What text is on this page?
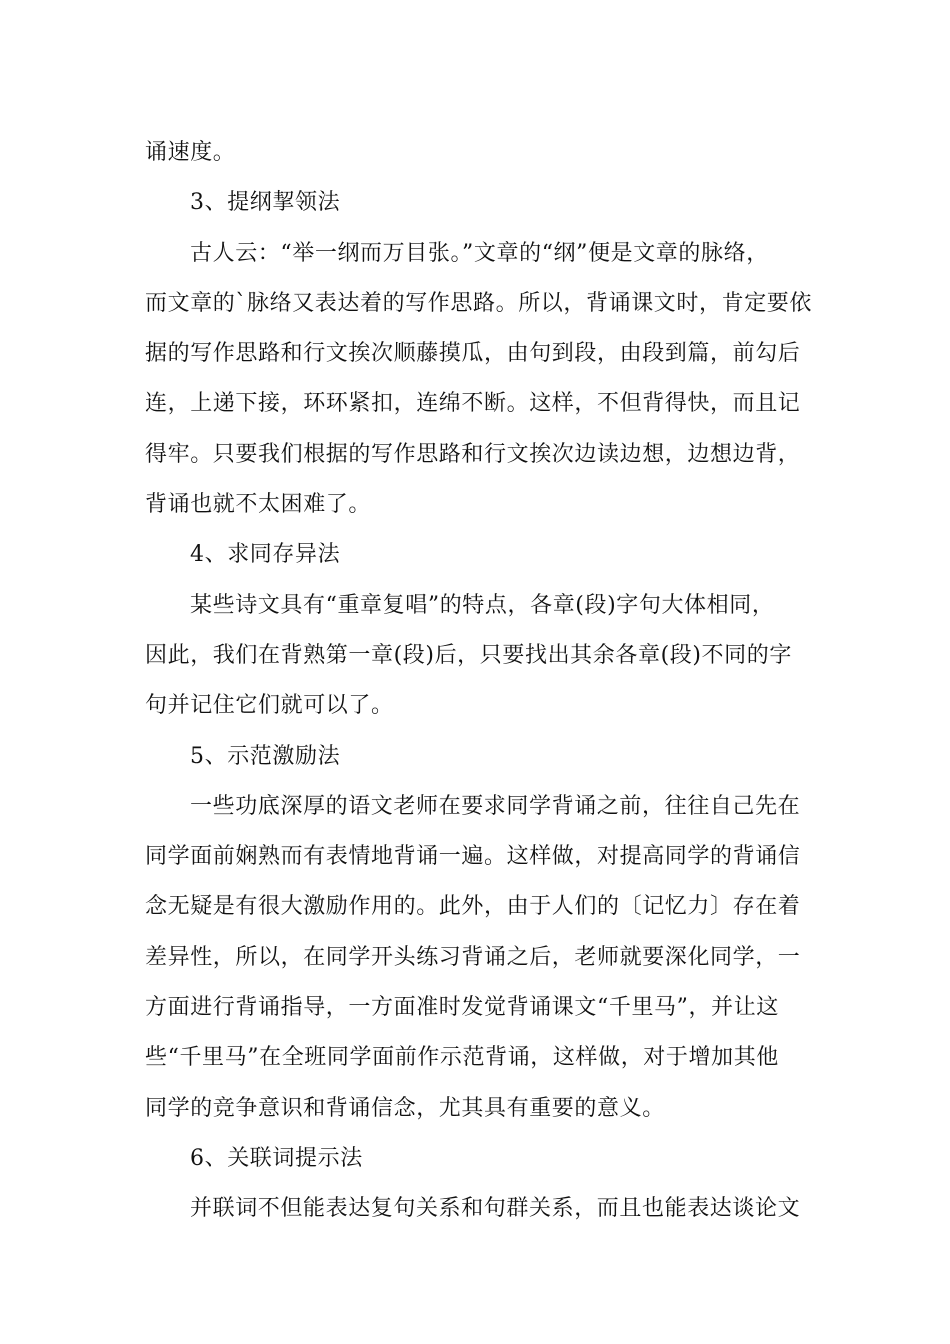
诵速度。
3、提纲挈领法
古人云：“举一纲而万目张。”文章的“纲”便是文章的脉络，
而文章的`脉络又表达着的写作思路。所以，背诵课文时，肯定要依
据的写作思路和行文挨次顺藤摸瓜，由句到段，由段到篇，前勾后
连，上递下接，环环紧扣，连绵不断。这样，不但背得快，而且记
得牢。只要我们根据的写作思路和行文挨次边读边想，边想边背，
背诵也就不太困难了。
4、求同存异法
某些诗文具有“重章复唱”的特点，各章(段)字句大体相同，
因此，我们在背熟第一章(段)后，只要找出其余各章(段)不同的字
句并记住它们就可以了。
5、示范激励法
一些功底深厚的语文老师在要求同学背诵之前，往往自己先在
同学面前娴熟而有表情地背诵一遍。这样做，对提高同学的背诵信
念无疑是有很大激励作用的。此外，由于人们的〔记忆力〕存在着
差异性，所以，在同学开头练习背诵之后，老师就要深化同学，一
方面进行背诵指导，一方面准时发觉背诵课文“千里马”，并让这
些“千里马”在全班同学面前作示范背诵，这样做，对于增加其他
同学的竞争意识和背诵信念，尤其具有重要的意义。
6、关联词提示法
并联词不但能表达复句关系和句群关系，而且也能表达谈论文
